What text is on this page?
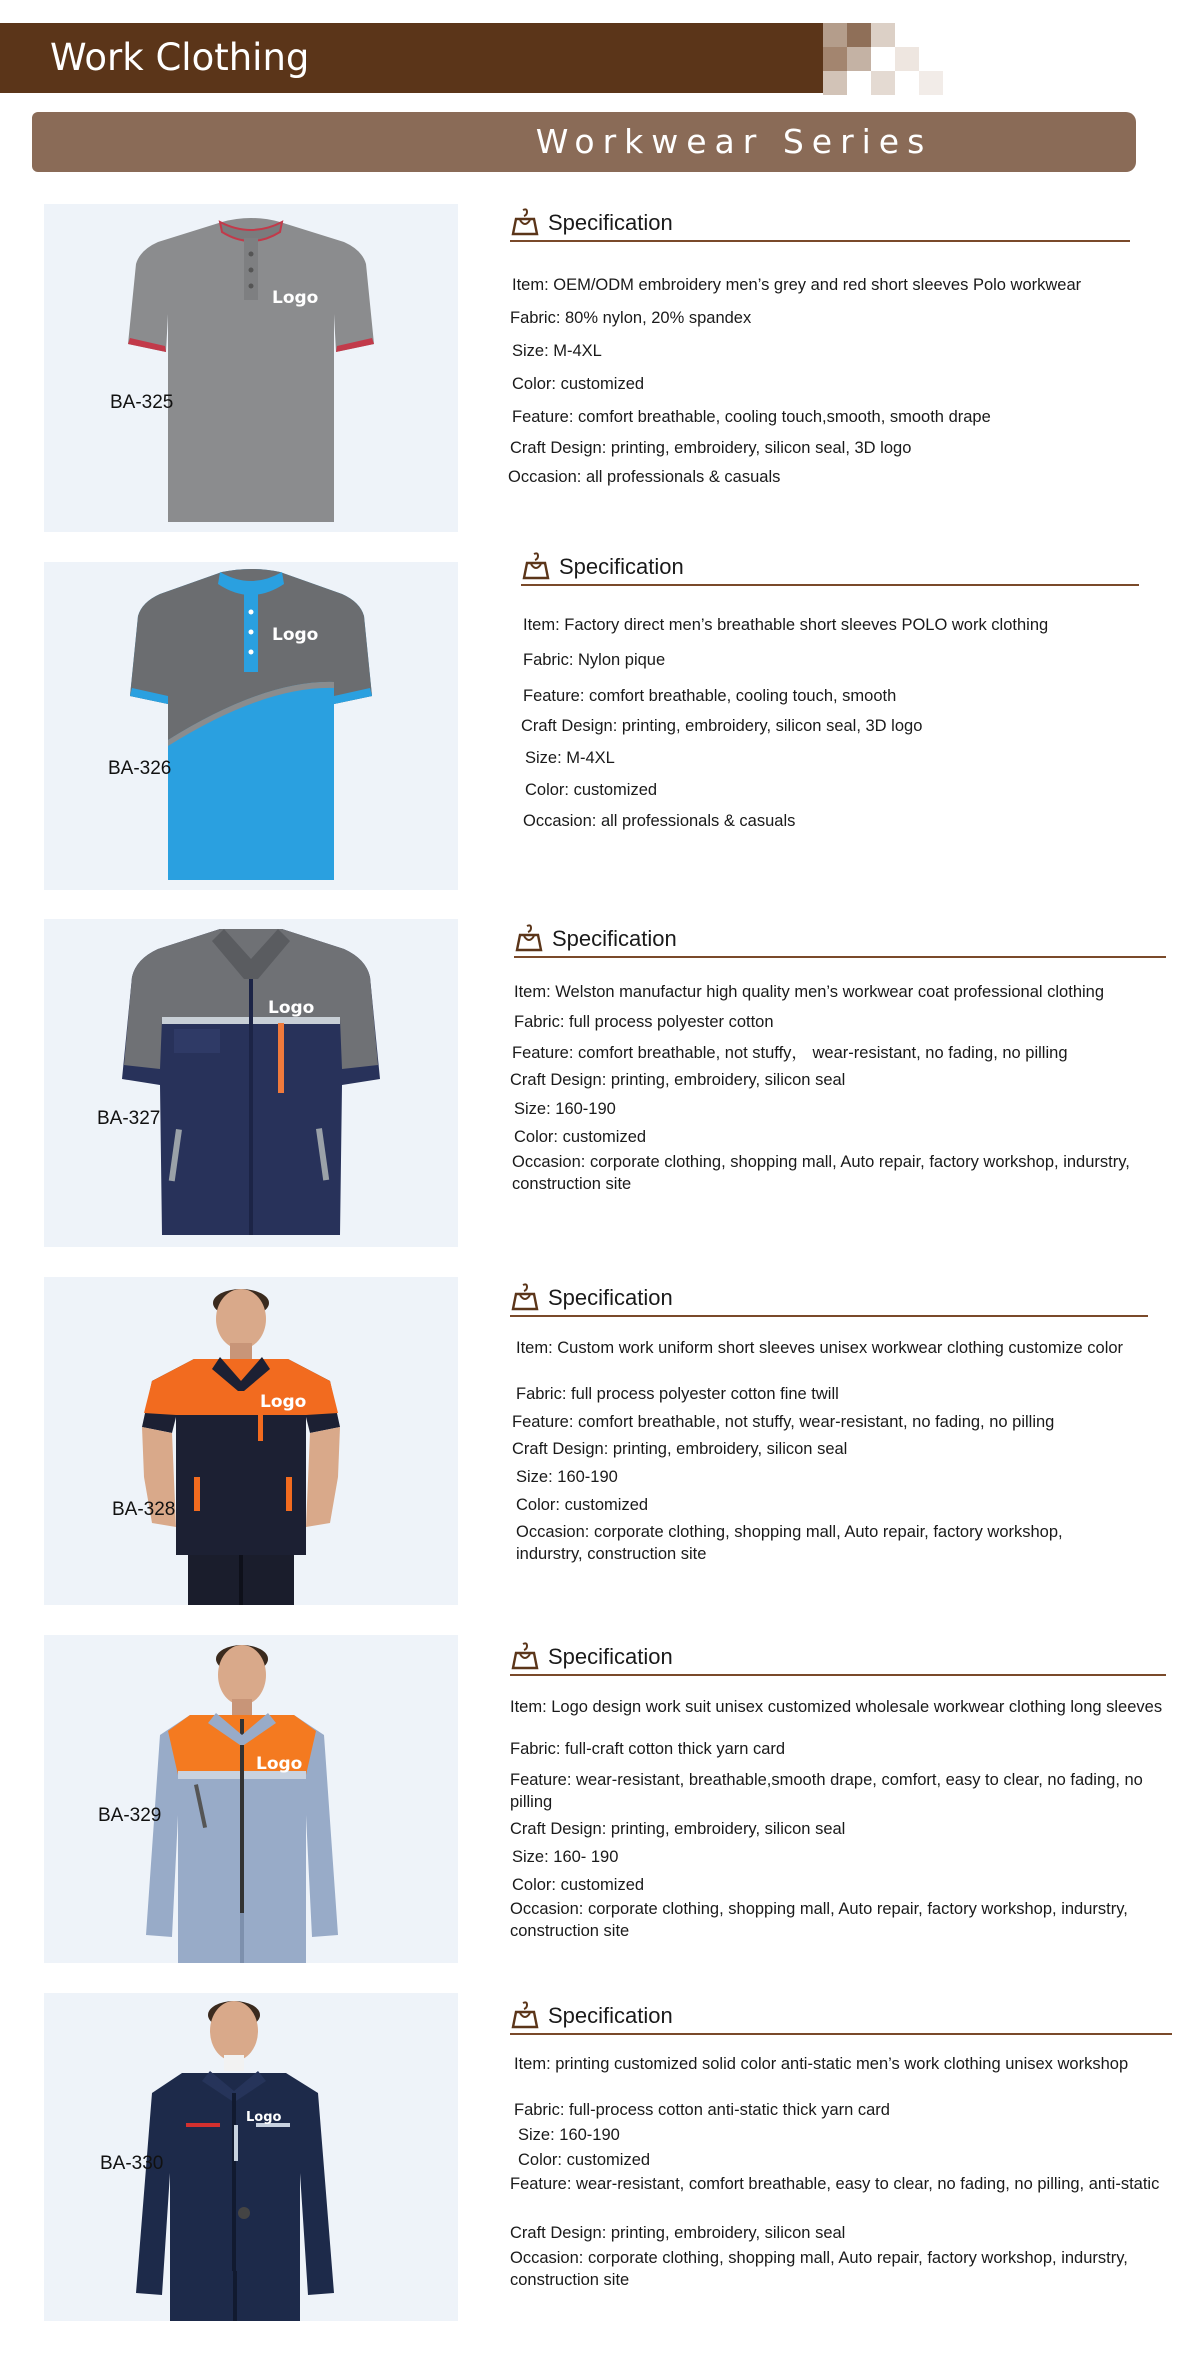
Work Clothing
Workwear Series
Logo
BA-325
Specification
Item: OEM/ODM embroidery men’s grey and red short sleeves Polo workwear
Fabric: 80% nylon, 20% spandex
Size: M-4XL
Color: customized
Feature: comfort breathable, cooling touch,smooth, smooth drape
Craft Design: printing, embroidery, silicon seal, 3D logo
Occasion: all professionals & casuals
Logo
BA-326
Specification
Item: Factory direct men’s breathable short sleeves POLO work clothing
Fabric: Nylon pique
Feature: comfort breathable, cooling touch, smooth
Craft Design: printing, embroidery, silicon seal, 3D logo
Size: M-4XL
Color: customized
Occasion: all professionals & casuals
Logo
BA-327
Specification
Item: Welston manufactur high quality men’s workwear coat professional clothing
Fabric: full process polyester cotton
Feature: comfort breathable, not stuffy， wear-resistant, no fading, no pilling
Craft Design: printing, embroidery, silicon seal
Size: 160-190
Color: customized
Occasion: corporate clothing, shopping mall, Auto repair, factory workshop, indurstry, construction site
Logo
BA-328
Specification
Item: Custom work uniform short sleeves unisex workwear clothing customize color
Fabric: full process polyester cotton fine twill
Feature: comfort breathable, not stuffy, wear-resistant, no fading, no pilling
Craft Design: printing, embroidery, silicon seal
Size: 160-190
Color: customized
Occasion: corporate clothing, shopping mall, Auto repair, factory workshop, indurstry, construction site
Logo
BA-329
Specification
Item: Logo design work suit unisex customized wholesale workwear clothing long sleeves
Fabric: full-craft cotton thick yarn card
Feature: wear-resistant, breathable,smooth drape, comfort, easy to clear, no fading, no pilling
Craft Design: printing, embroidery, silicon seal
Size: 160- 190
Color: customized
Occasion: corporate clothing, shopping mall, Auto repair, factory workshop, indurstry, construction site
Logo
BA-330
Specification
Item: printing customized solid color anti-static men’s work clothing unisex workshop
Fabric: full-process cotton anti-static thick yarn card
Size: 160-190
Color: customized
Feature: wear-resistant, comfort breathable, easy to clear, no fading, no pilling, anti-static
Craft Design: printing, embroidery, silicon seal
Occasion: corporate clothing, shopping mall, Auto repair, factory workshop, indurstry, construction site
